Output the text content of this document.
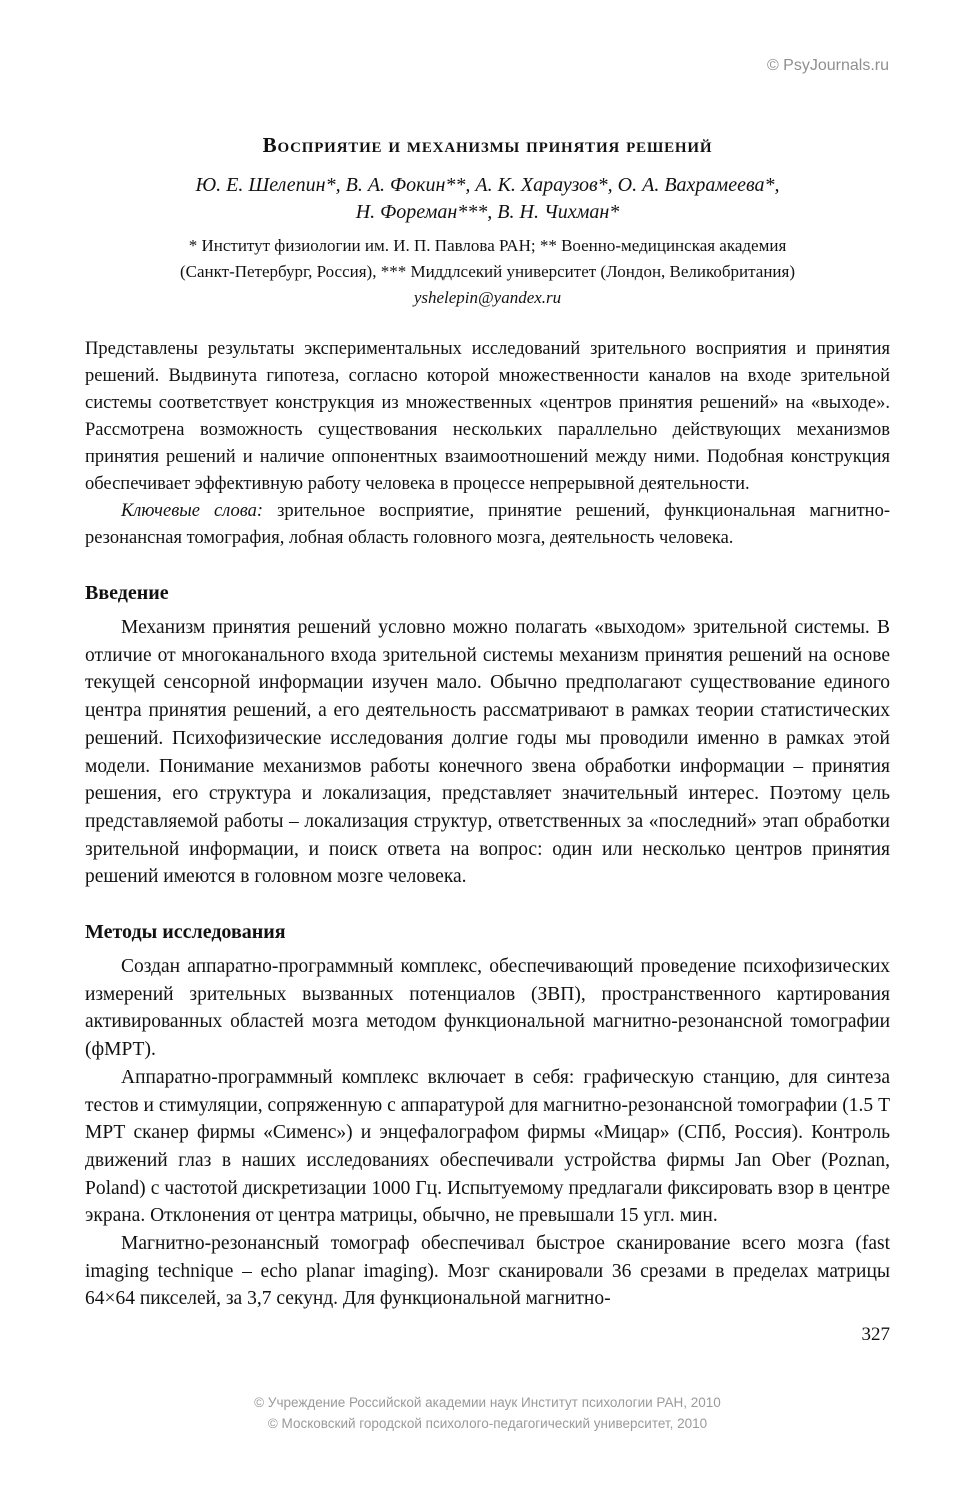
© PsyJournals.ru
Восприятие и механизмы принятия решений
Ю. Е. Шелепин*, В. А. Фокин**, А. К. Хараузов*, О. А. Вахрамеева*,
Н. Фореман***, В. Н. Чихман*
* Институт физиологии им. И. П. Павлова РАН; ** Военно-медицинская академия
(Санкт-Петербург, Россия), *** Миддлсекий университет (Лондон, Великобритания)
yshelepin@yandex.ru

Представлены результаты экспериментальных исследований зрительного восприятия и принятия решений. Выдвинута гипотеза, согласно которой множественности каналов на входе зрительной системы соответствует конструкция из множественных «центров принятия решений» на «выходе». Рассмотрена возможность существования нескольких параллельно действующих механизмов принятия решений и наличие оппонентных взаимоотношений между ними. Подобная конструкция обеспечивает эффективную работу человека в процессе непрерывной деятельности.

Ключевые слова: зрительное восприятие, принятие решений, функциональная магнитно-резонансная томография, лобная область головного мозга, деятельность человека.

Введение

Механизм принятия решений условно можно полагать «выходом» зрительной системы. В отличие от многоканального входа зрительной системы механизм принятия решений на основе текущей сенсорной информации изучен мало. Обычно предполагают существование единого центра принятия решений, а его деятельность рассматривают в рамках теории статистических решений. Психофизические исследования долгие годы мы проводили именно в рамках этой модели. Понимание механизмов работы конечного звена обработки информации – принятия решения, его структура и локализация, представляет значительный интерес. Поэтому цель представляемой работы – локализация структур, ответственных за «последний» этап обработки зрительной информации, и поиск ответа на вопрос: один или несколько центров принятия решений имеются в головном мозге человека.

Методы исследования

Создан аппаратно-программный комплекс, обеспечивающий проведение психофизических измерений зрительных вызванных потенциалов (ЗВП), пространственного картирования активированных областей мозга методом функциональной магнитно-резонансной томографии (фМРТ).

Аппаратно-программный комплекс включает в себя: графическую станцию, для синтеза тестов и стимуляции, сопряженную с аппаратурой для магнитно-резонансной томографии (1.5 Т МРТ сканер фирмы «Сименс») и энцефалографом фирмы «Мицар» (СПб, Россия). Контроль движений глаз в наших исследованиях обеспечивали устройства фирмы Jan Ober (Poznan, Poland) с частотой дискретизации 1000 Гц. Испытуемому предлагали фиксировать взор в центре экрана. Отклонения от центра матрицы, обычно, не превышали 15 угл. мин.

Магнитно-резонансный томограф обеспечивал быстрое сканирование всего мозга (fast imaging technique – echo planar imaging). Мозг сканировали 36 срезами в пределах матрицы 64×64 пикселей, за 3,7 секунд. Для функциональной магнитно-

327
© Учреждение Российской академии наук Институт психологии РАН, 2010
© Московский городской психолого-педагогический университет, 2010
